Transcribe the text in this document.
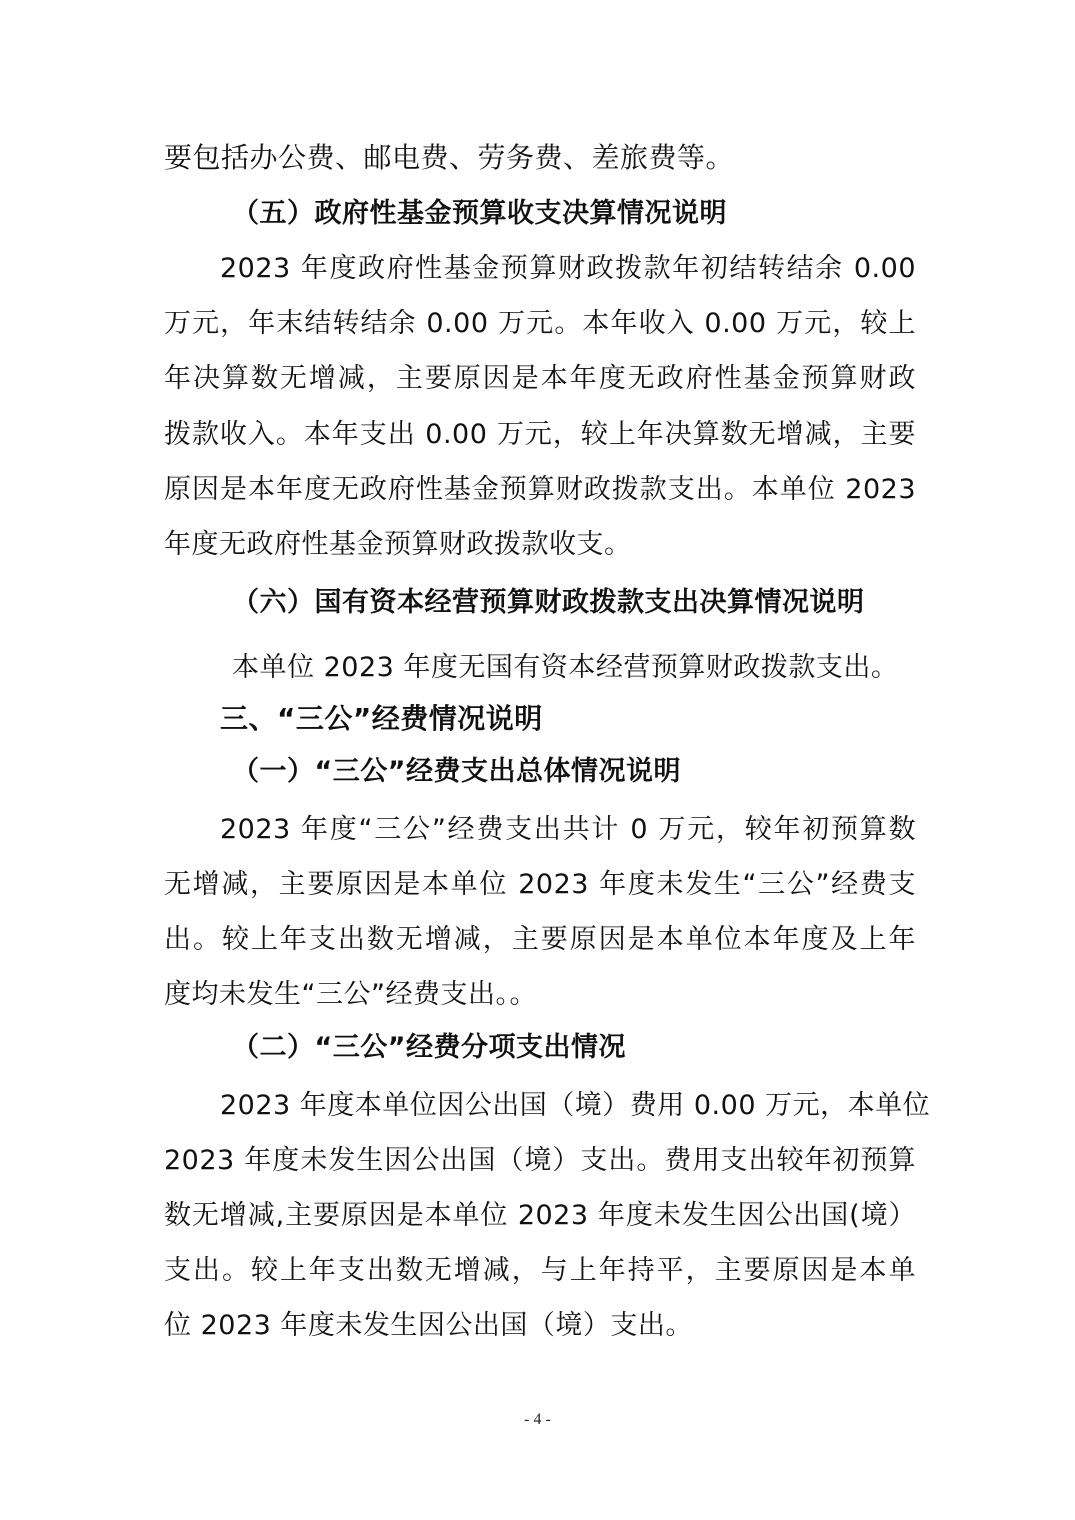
要包括办公费、邮电费、劳务费、差旅费等。
（五）政府性基金预算收支决算情况说明
2023 年度政府性基金预算财政拨款年初结转结余 0.00
万元，年末结转结余 0.00 万元。本年收入 0.00 万元，较上
年决算数无增减，主要原因是本年度无政府性基金预算财政
拨款收入。本年支出 0.00 万元，较上年决算数无增减，主要
原因是本年度无政府性基金预算财政拨款支出。本单位 2023
年度无政府性基金预算财政拨款收支。
（六）国有资本经营预算财政拨款支出决算情况说明
本单位 2023 年度无国有资本经营预算财政拨款支出。
三、“三公”经费情况说明
（一）“三公”经费支出总体情况说明
2023 年度“三公”经费支出共计 0 万元，较年初预算数
无增减，主要原因是本单位 2023 年度未发生“三公”经费支
出。较上年支出数无增减，主要原因是本单位本年度及上年
度均未发生“三公”经费支出。。
（二）“三公”经费分项支出情况
2023 年度本单位因公出国（境）费用 0.00 万元，本单位
2023 年度未发生因公出国（境）支出。费用支出较年初预算
数无增减,主要原因是本单位 2023 年度未发生因公出国(境）
支出。较上年支出数无增减，与上年持平，主要原因是本单
位 2023 年度未发生因公出国（境）支出。
- 4 -
